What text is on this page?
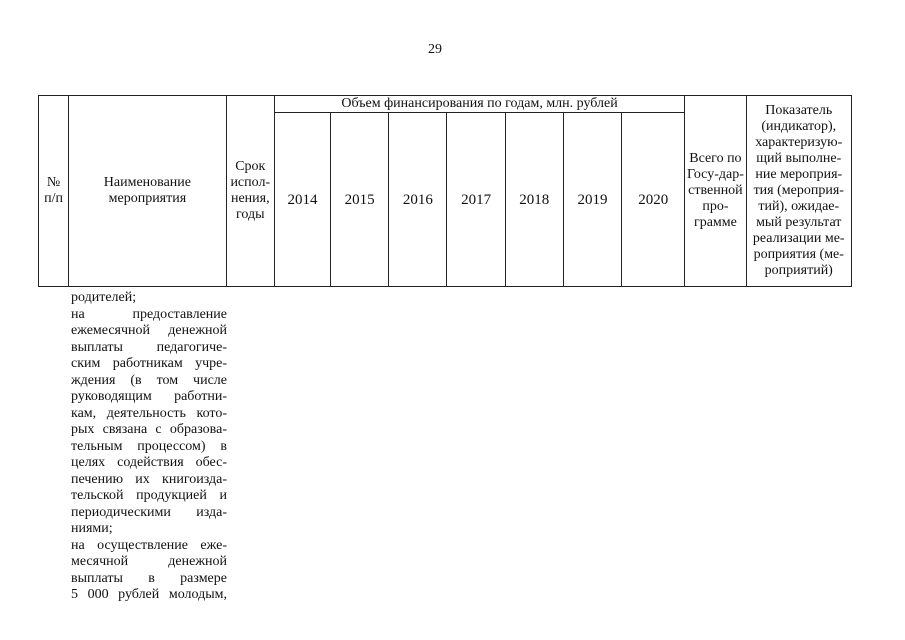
29
№ п/п	Наименование мероприятия	Срок испол-нения, годы	Объем финансирования по годам, млн. рублей							Всего по Госу-дар-ственной про-грамме	Показатель (индикатор), характеризую-щий выполне-ние мероприя-тия (мероприя-тий), ожидае-мый результат реализации ме-роприятия (ме-роприятий)
			2014	2015	2016	2017	2018	2019	2020		

родителей;

на предоставление

ежемесячной денежной

выплаты педагогиче-

ским работникам учре-

ждения (в том числе

руководящим работни-

кам, деятельность кото-

рых связана с образова-

тельным процессом) в

целях содействия обес-

печению их книгоизда-

тельской продукцией и

периодическими изда-

ниями;

на осуществление еже-

месячной денежной

выплаты в размере

5 000 рублей молодым,
